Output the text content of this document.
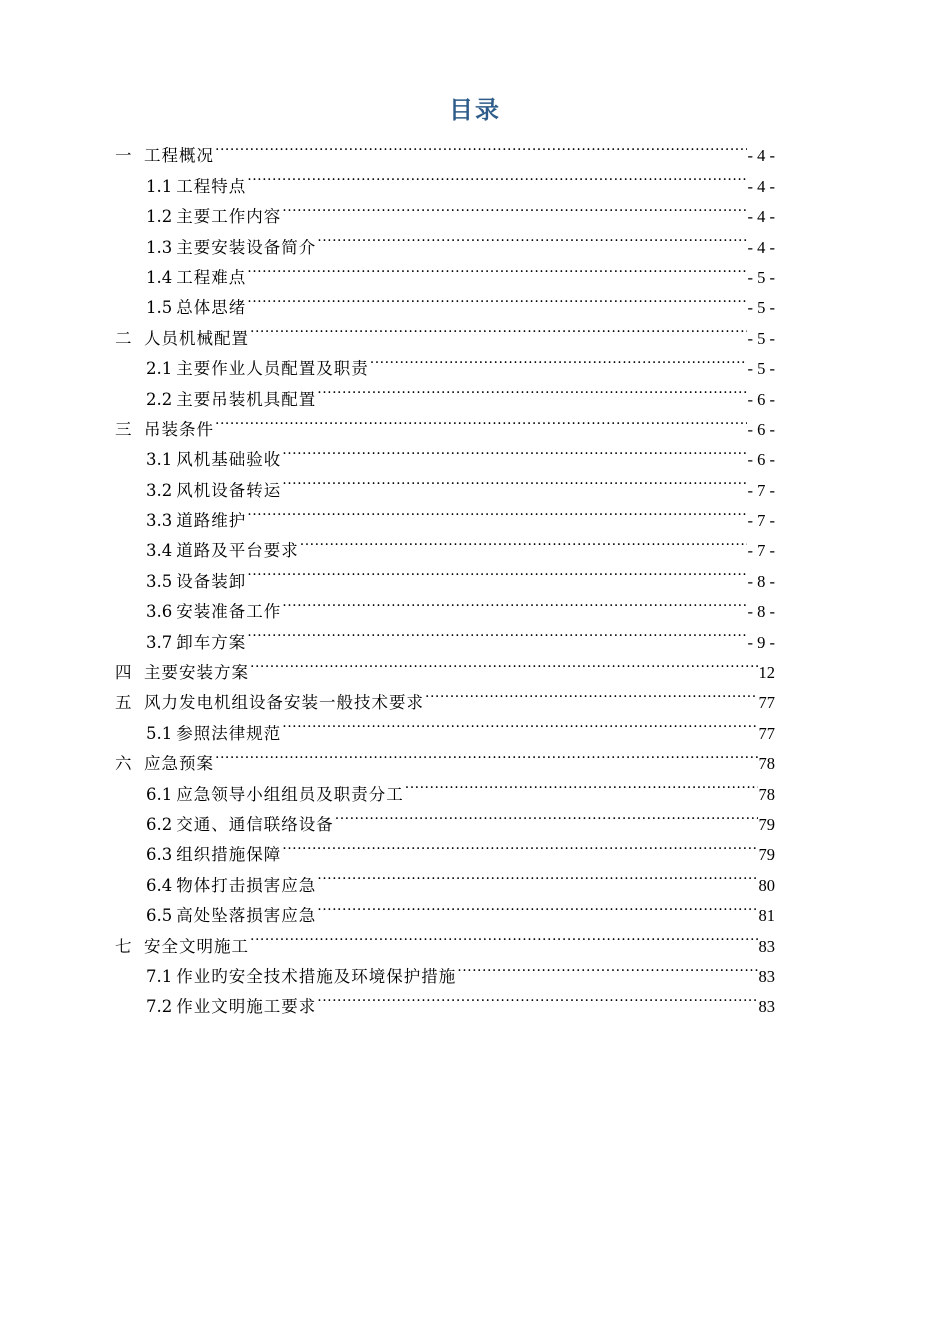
目录
一 工程概况 .....	- 4 -
1.1 工程特点 .....	- 4 -
1.2 主要工作内容 .....	- 4 -
1.3 主要安装设备简介 .....	- 4 -
1.4 工程难点 .....	- 5 -
1.5 总体思绪 .....	- 5 -
二 人员机械配置 .....	- 5 -
2.1 主要作业人员配置及职责 .....	- 5 -
2.2 主要吊装机具配置 .....	- 6 -
三 吊装条件 .....	- 6 -
3.1 风机基础验收 .....	- 6 -
3.2 风机设备转运 .....	- 7 -
3.3 道路维护 .....	- 7 -
3.4 道路及平台要求 .....	- 7 -
3.5 设备装卸 .....	- 8 -
3.6 安装准备工作 .....	- 8 -
3.7 卸车方案 .....	- 9 -
四 主要安装方案 .....	12
五 风力发电机组设备安装一般技术要求 .....	77
5.1 参照法律规范 .....	77
六 应急预案 .....	78
6.1 应急领导小组组员及职责分工 .....	78
6.2 交通、通信联络设备 .....	79
6.3 组织措施保障 .....	79
6.4 物体打击损害应急 .....	80
6.5 高处坠落损害应急 .....	81
七 安全文明施工 .....	83
7.1 作业旳安全技术措施及环境保护措施 .....	83
7.2 作业文明施工要求 .....	83
